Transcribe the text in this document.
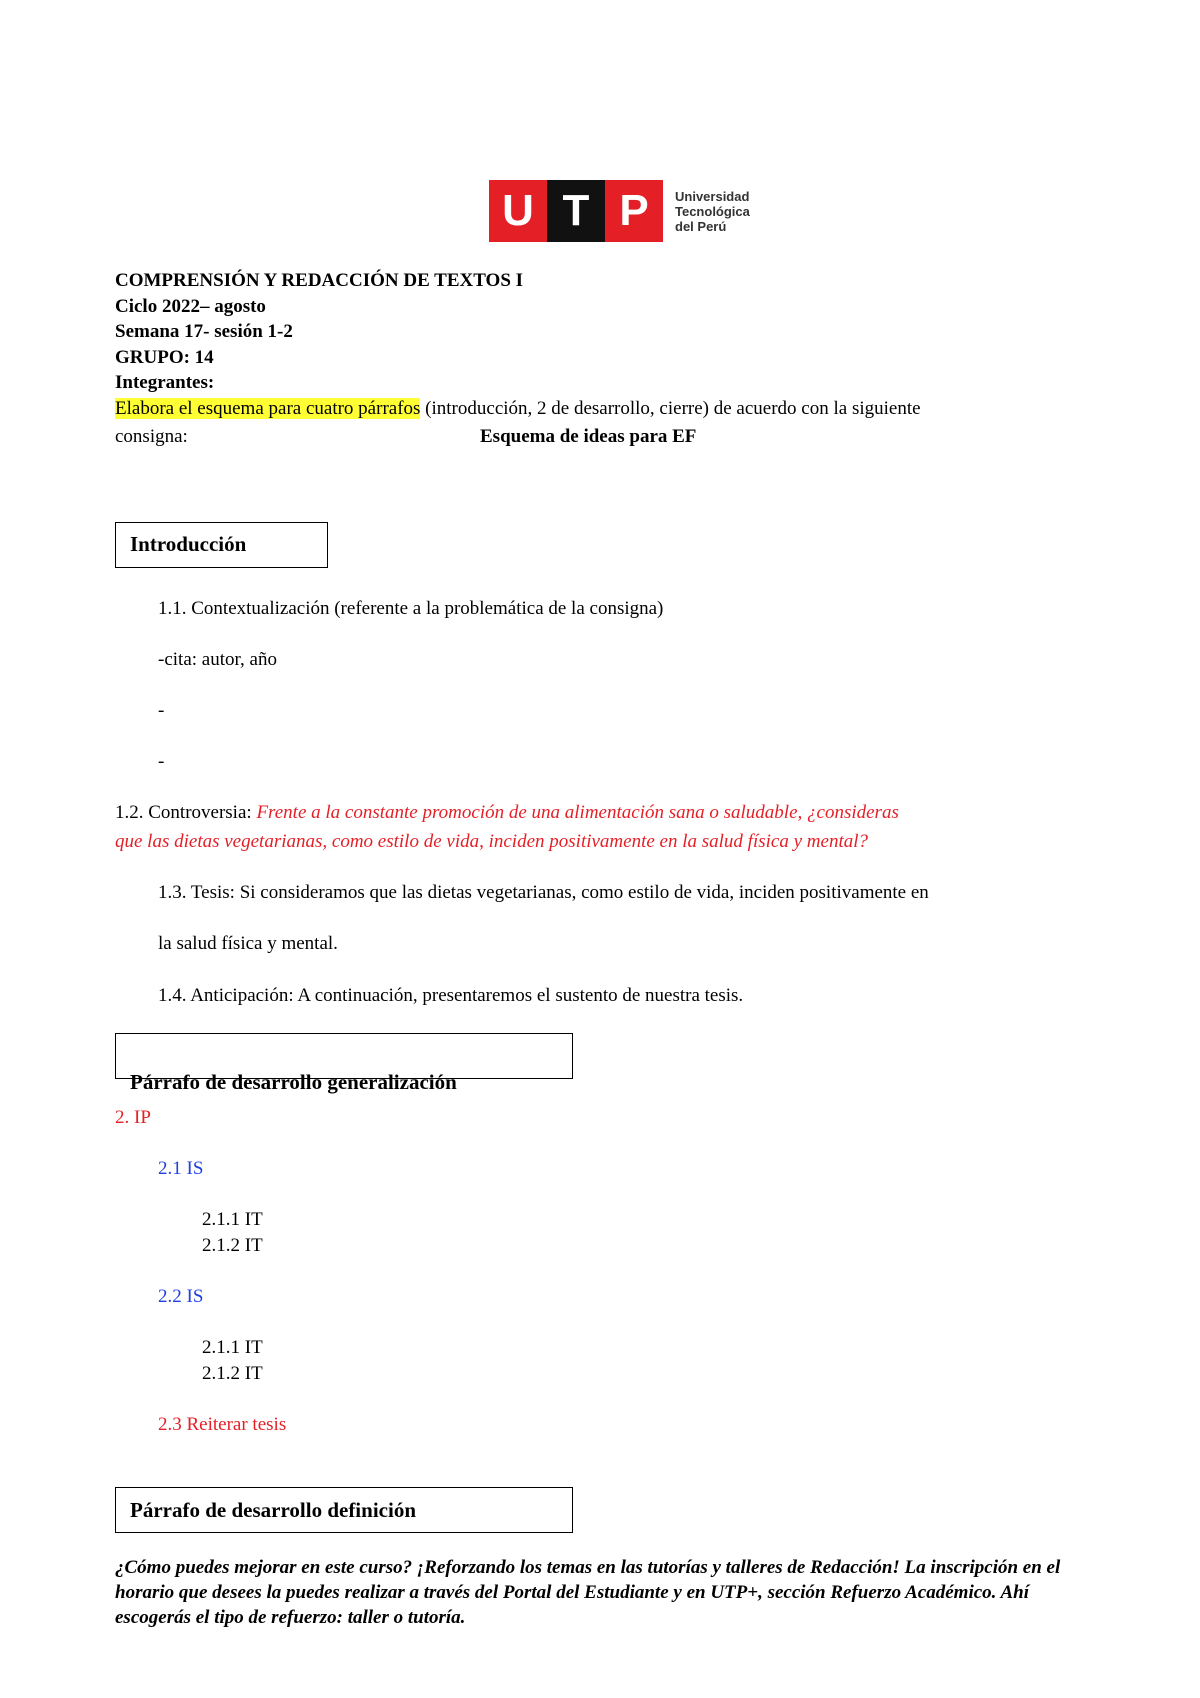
U T P	Universidad
Tecnológica
del Perú
COMPRENSIÓN Y REDACCIÓN DE TEXTOS I
Ciclo 2022– agosto
Semana 17- sesión 1-2
GRUPO: 14
Integrantes:
Elabora el esquema para cuatro párrafos (introducción, 2 de desarrollo, cierre) de acuerdo con la siguiente
consigna:	Esquema de ideas para EF
Introducción
1.1. Contextualización (referente a la problemática de la consigna)
-cita: autor, año
-
-
1.2. Controversia: Frente a la constante promoción de una alimentación sana o saludable, ¿consideras
que las dietas vegetarianas, como estilo de vida, inciden positivamente en la salud física y mental?
1.3. Tesis: Si consideramos que las dietas vegetarianas, como estilo de vida, inciden positivamente en
la salud física y mental.
1.4. Anticipación: A continuación, presentaremos el sustento de nuestra tesis.
Párrafo de desarrollo generalización
2. IP
2.1 IS
2.1.1 IT
2.1.2 IT
2.2 IS
2.1.1 IT
2.1.2 IT
2.3 Reiterar tesis
Párrafo de desarrollo definición
¿Cómo puedes mejorar en este curso? ¡Reforzando los temas en las tutorías y talleres de Redacción! La inscripción en el horario que desees la puedes realizar a través del Portal del Estudiante y en UTP+, sección Refuerzo Académico. Ahí escogerás el tipo de refuerzo: taller o tutoría.
